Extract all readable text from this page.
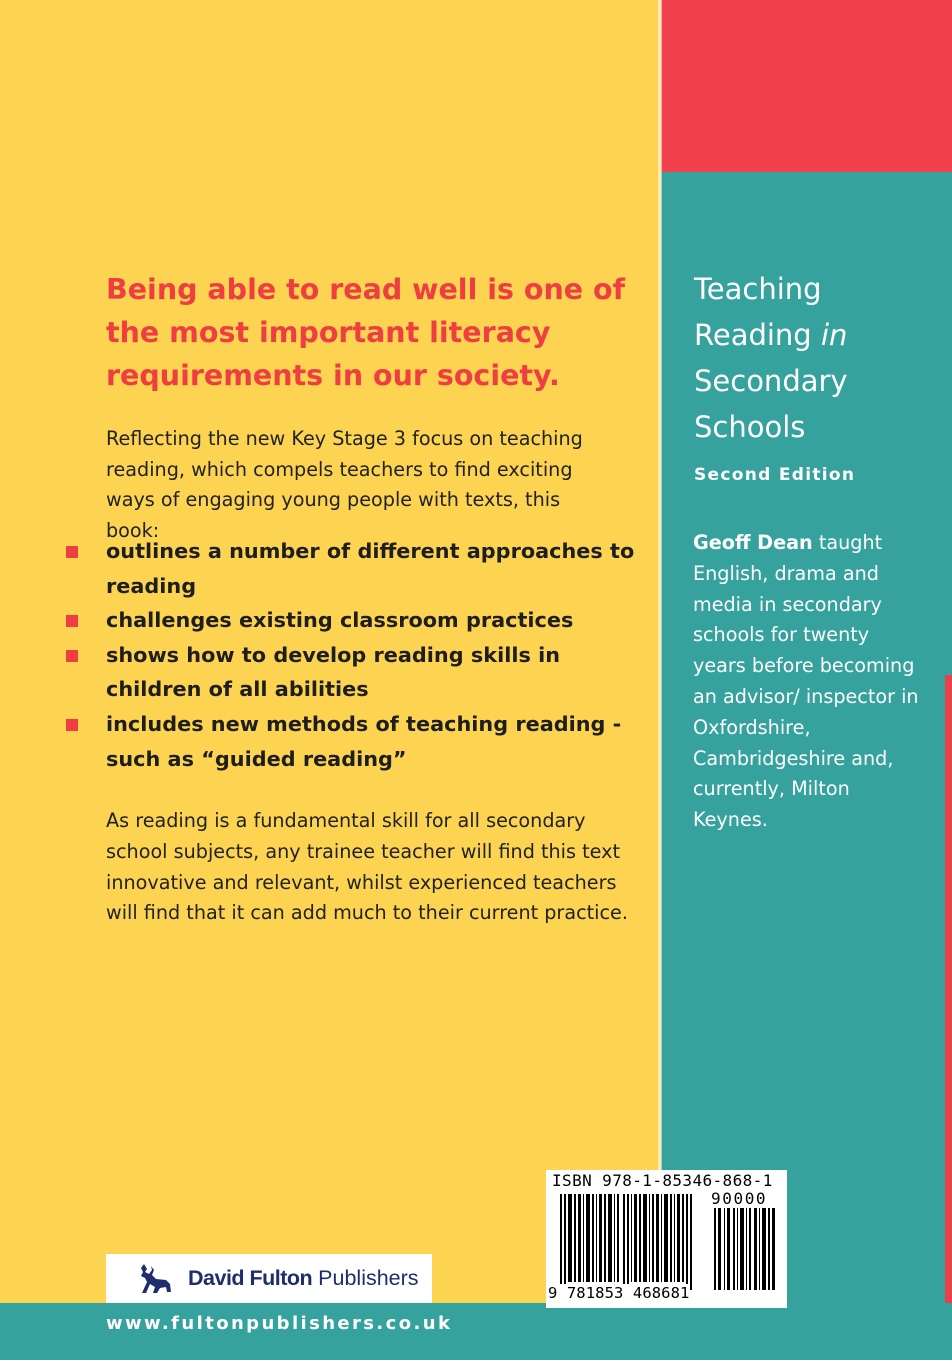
Being able to read well is one of the most important literacy requirements in our society.

Reflecting the new Key Stage 3 focus on teaching reading, which compels teachers to find exciting ways of engaging young people with texts, this book:

outlines a number of different approaches to reading
challenges existing classroom practices
shows how to develop reading skills in children of all abilities
includes new methods of teaching reading - such as “guided reading”

As reading is a fundamental skill for all secondary school subjects, any trainee teacher will find this text innovative and relevant, whilst experienced teachers will find that it can add much to their current practice.

Teaching
Reading in
Secondary
Schools

Second Edition

Geoff Dean taught English, drama and media in secondary schools for twenty years before becoming an advisor/ inspector in Oxfordshire, Cambridgeshire and, currently, Milton Keynes.

David Fulton Publishers

www.fultonpublishers.co.uk

ISBN 978-1-85346-868-1
90000
9 781853 468681
